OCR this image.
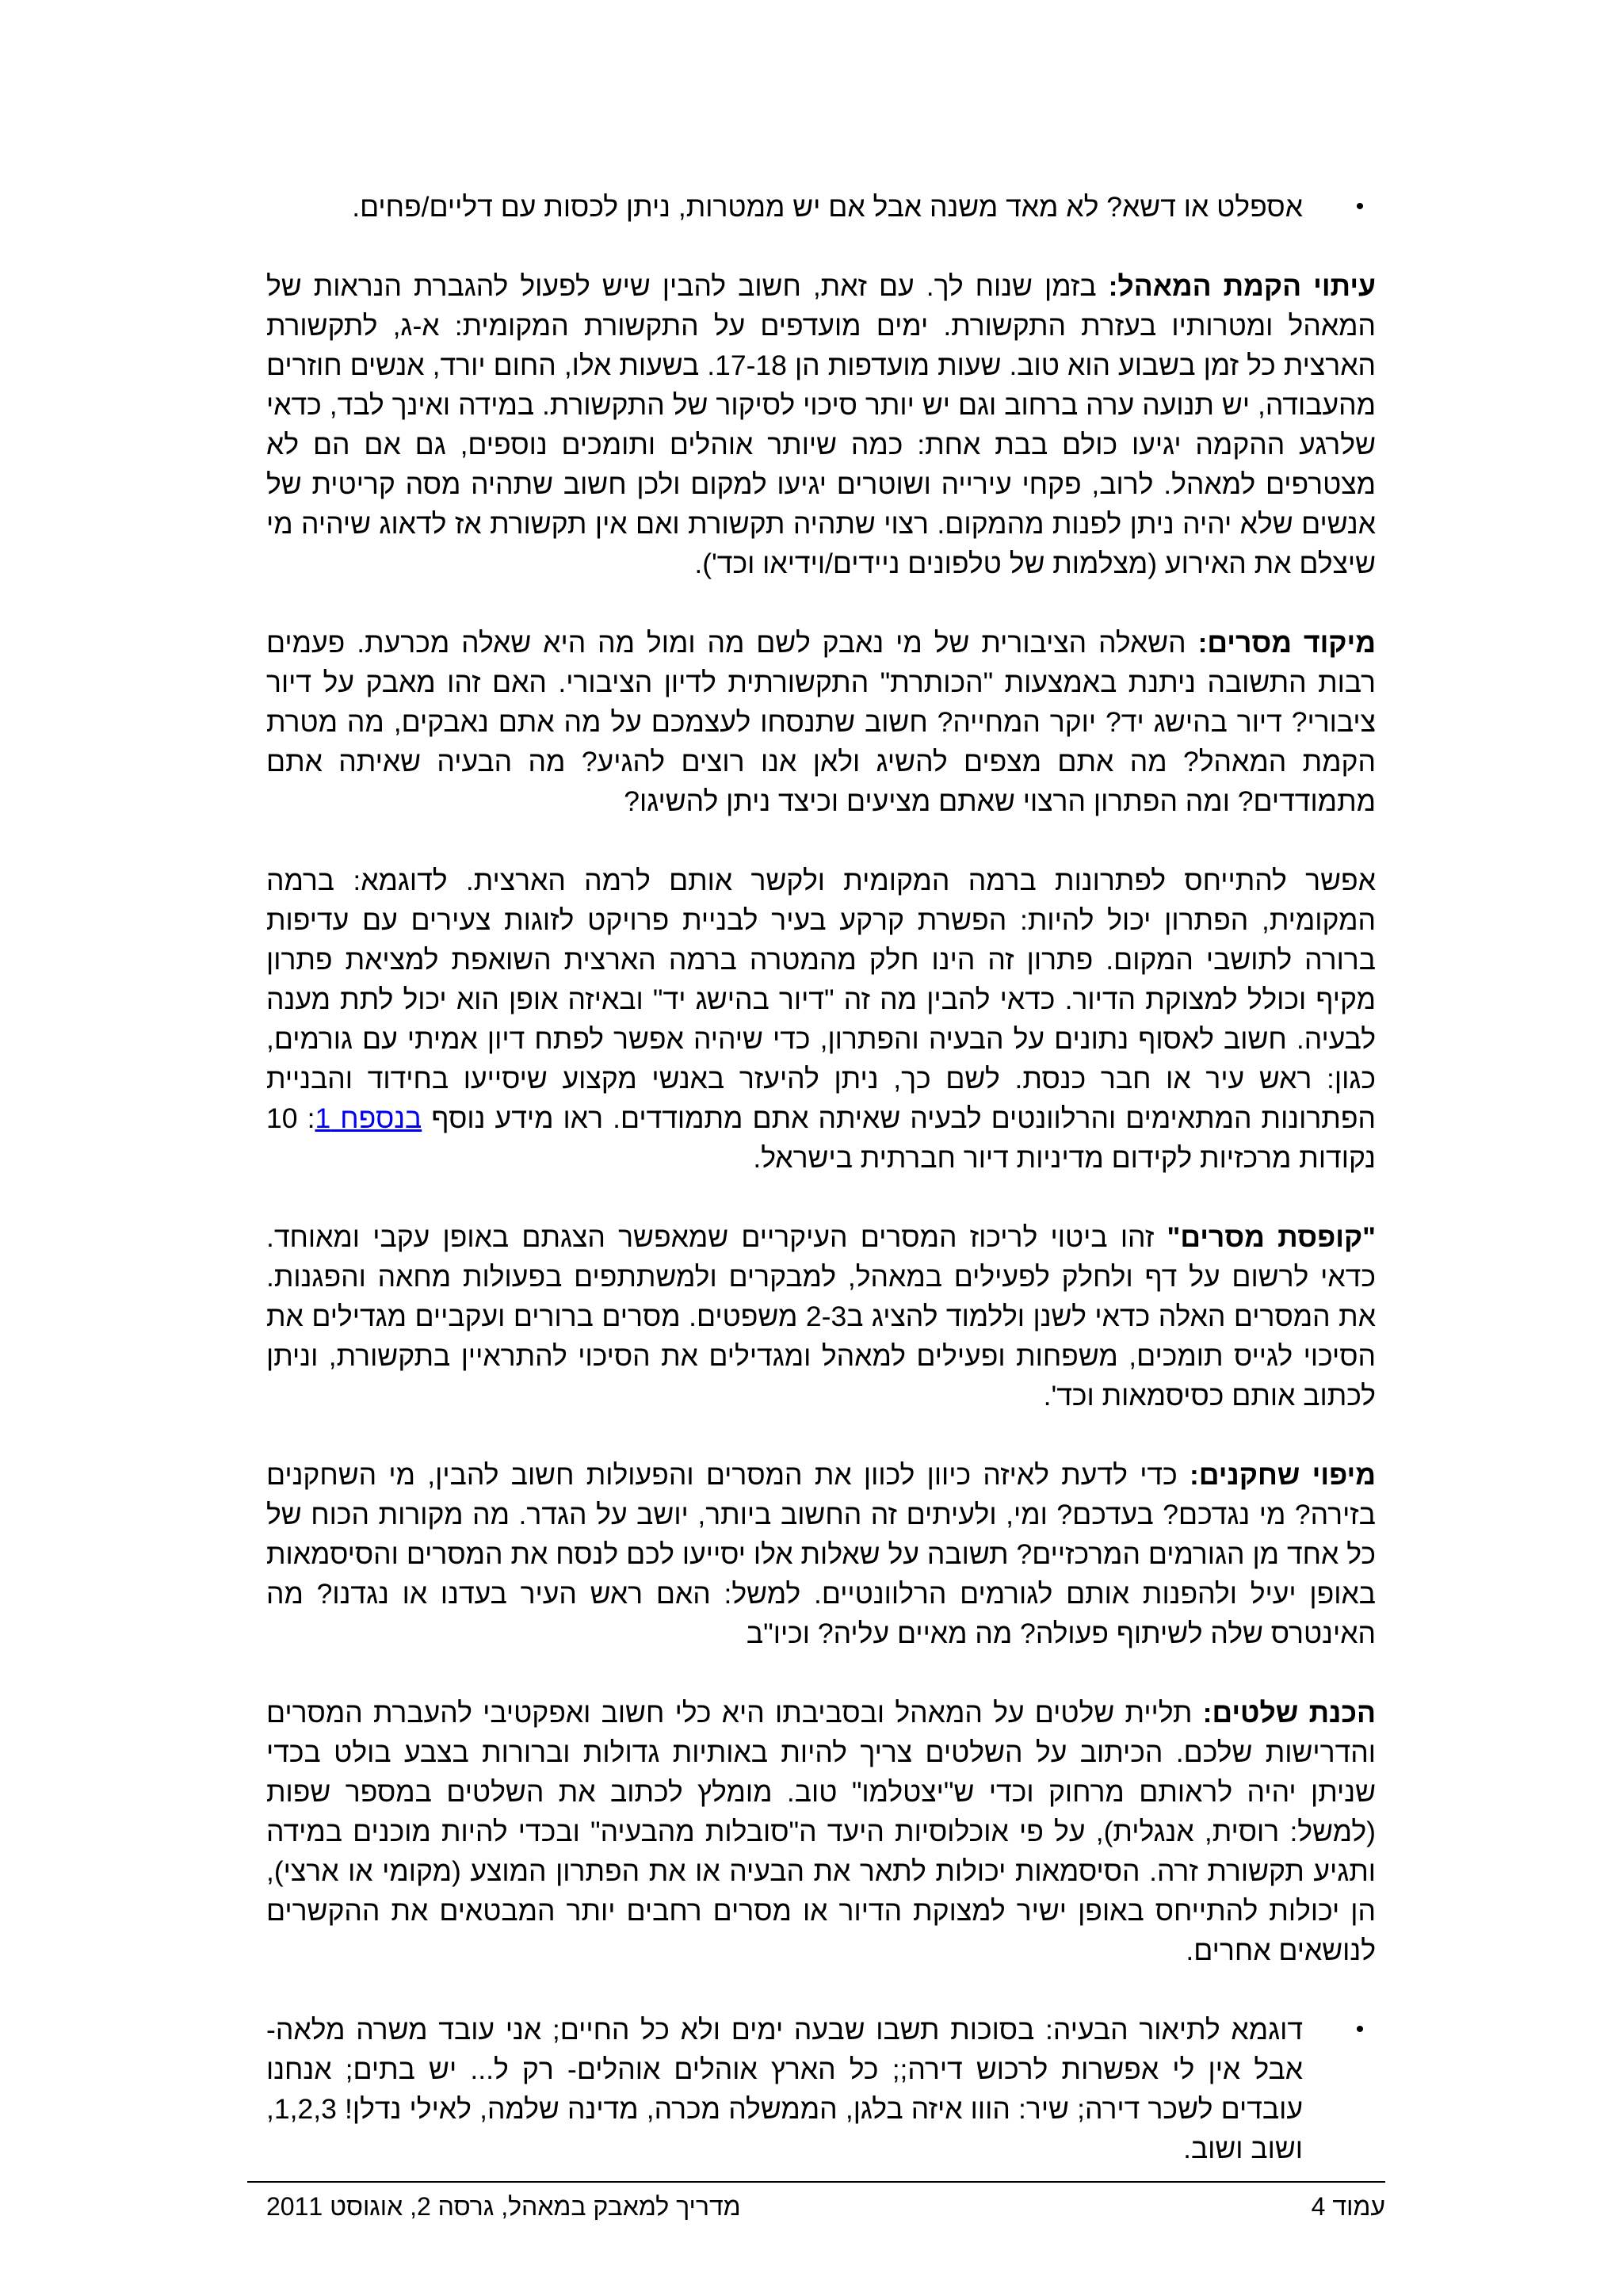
•
אספלט או דשא? לא מאד משנה אבל אם יש ממטרות, ניתן לכסות עם דליים/פחים.

עיתוי הקמת המאהל: בזמן שנוח לך. עם זאת, חשוב להבין שיש לפעול להגברת הנראות של המאהל ומטרותיו בעזרת התקשורת. ימים מועדפים על התקשורת המקומית: א-ג, לתקשורת הארצית כל זמן בשבוע הוא טוב. שעות מועדפות הן 17-18. בשעות אלו, החום יורד, אנשים חוזרים מהעבודה, יש תנועה ערה ברחוב וגם יש יותר סיכוי לסיקור של התקשורת. במידה ואינך לבד, כדאי שלרגע ההקמה יגיעו כולם בבת אחת: כמה שיותר אוהלים ותומכים נוספים, גם אם הם לא מצטרפים למאהל. לרוב, פקחי עירייה ושוטרים יגיעו למקום ולכן חשוב שתהיה מסה קריטית של אנשים שלא יהיה ניתן לפנות מהמקום. רצוי שתהיה תקשורת ואם אין תקשורת אז לדאוג שיהיה מי שיצלם את האירוע (מצלמות של טלפונים ניידים/וידיאו וכד').

מיקוד מסרים: השאלה הציבורית של מי נאבק לשם מה ומול מה היא שאלה מכרעת. פעמים רבות התשובה ניתנת באמצעות "הכותרת" התקשורתית לדיון הציבורי. האם זהו מאבק על דיור ציבורי? דיור בהישג יד? יוקר המחייה? חשוב שתנסחו לעצמכם על מה אתם נאבקים, מה מטרת הקמת המאהל? מה אתם מצפים להשיג ולאן אנו רוצים להגיע? מה הבעיה שאיתה אתם מתמודדים? ומה הפתרון הרצוי שאתם מציעים וכיצד ניתן להשיגו?

אפשר להתייחס לפתרונות ברמה המקומית ולקשר אותם לרמה הארצית. לדוגמא: ברמה המקומית, הפתרון יכול להיות: הפשרת קרקע בעיר לבניית פרויקט לזוגות צעירים עם עדיפות ברורה לתושבי המקום. פתרון זה הינו חלק מהמטרה ברמה הארצית השואפת למציאת פתרון מקיף וכולל למצוקת הדיור. כדאי להבין מה זה "דיור בהישג יד" ובאיזה אופן הוא יכול לתת מענה לבעיה. חשוב לאסוף נתונים על הבעיה והפתרון, כדי שיהיה אפשר לפתח דיון אמיתי עם גורמים, כגון: ראש עיר או חבר כנסת. לשם כך, ניתן להיעזר באנשי מקצוע שיסייעו בחידוד והבניית הפתרונות המתאימים והרלוונטים לבעיה שאיתה אתם מתמודדים. ראו מידע נוסף בנספח 1: 10 נקודות מרכזיות לקידום מדיניות דיור חברתית בישראל.

"קופסת מסרים" זהו ביטוי לריכוז המסרים העיקריים שמאפשר הצגתם באופן עקבי ומאוחד. כדאי לרשום על דף ולחלק לפעילים במאהל, למבקרים ולמשתתפים בפעולות מחאה והפגנות. את המסרים האלה כדאי לשנן וללמוד להציג ב2-3 משפטים. מסרים ברורים ועקביים מגדילים את הסיכוי לגייס תומכים, משפחות ופעילים למאהל ומגדילים את הסיכוי להתראיין בתקשורת, וניתן לכתוב אותם כסיסמאות וכד'.

מיפוי שחקנים: כדי לדעת לאיזה כיוון לכוון את המסרים והפעולות חשוב להבין, מי השחקנים בזירה? מי נגדכם? בעדכם? ומי, ולעיתים זה החשוב ביותר, יושב על הגדר. מה מקורות הכוח של כל אחד מן הגורמים המרכזיים? תשובה על שאלות אלו יסייעו לכם לנסח את המסרים והסיסמאות באופן יעיל ולהפנות אותם לגורמים הרלוונטיים. למשל: האם ראש העיר בעדנו או נגדנו? מה האינטרס שלה לשיתוף פעולה? מה מאיים עליה? וכיו"ב

הכנת שלטים: תליית שלטים על המאהל ובסביבתו היא כלי חשוב ואפקטיבי להעברת המסרים והדרישות שלכם. הכיתוב על השלטים צריך להיות באותיות גדולות וברורות בצבע בולט בכדי שניתן יהיה לראותם מרחוק וכדי ש"יצטלמו" טוב. מומלץ לכתוב את השלטים במספר שפות (למשל: רוסית, אנגלית), על פי אוכלוסיות היעד ה"סובלות מהבעיה" ובכדי להיות מוכנים במידה ותגיע תקשורת זרה. הסיסמאות יכולות לתאר את הבעיה או את הפתרון המוצע (מקומי או ארצי), הן יכולות להתייחס באופן ישיר למצוקת הדיור או מסרים רחבים יותר המבטאים את ההקשרים לנושאים אחרים.

•
דוגמא לתיאור הבעיה: בסוכות תשבו שבעה ימים ולא כל החיים; אני עובד משרה מלאה- אבל אין לי אפשרות לרכוש דירה;; כל הארץ אוהלים אוהלים- רק ל... יש בתים; אנחנו עובדים לשכר דירה; שיר: הווו איזה בלגן, הממשלה מכרה, מדינה שלמה, לאילי נדלן! 1,2,3, ושוב ושוב.
עמוד 4
מדריך למאבק במאהל, גרסה 2, אוגוסט 2011
